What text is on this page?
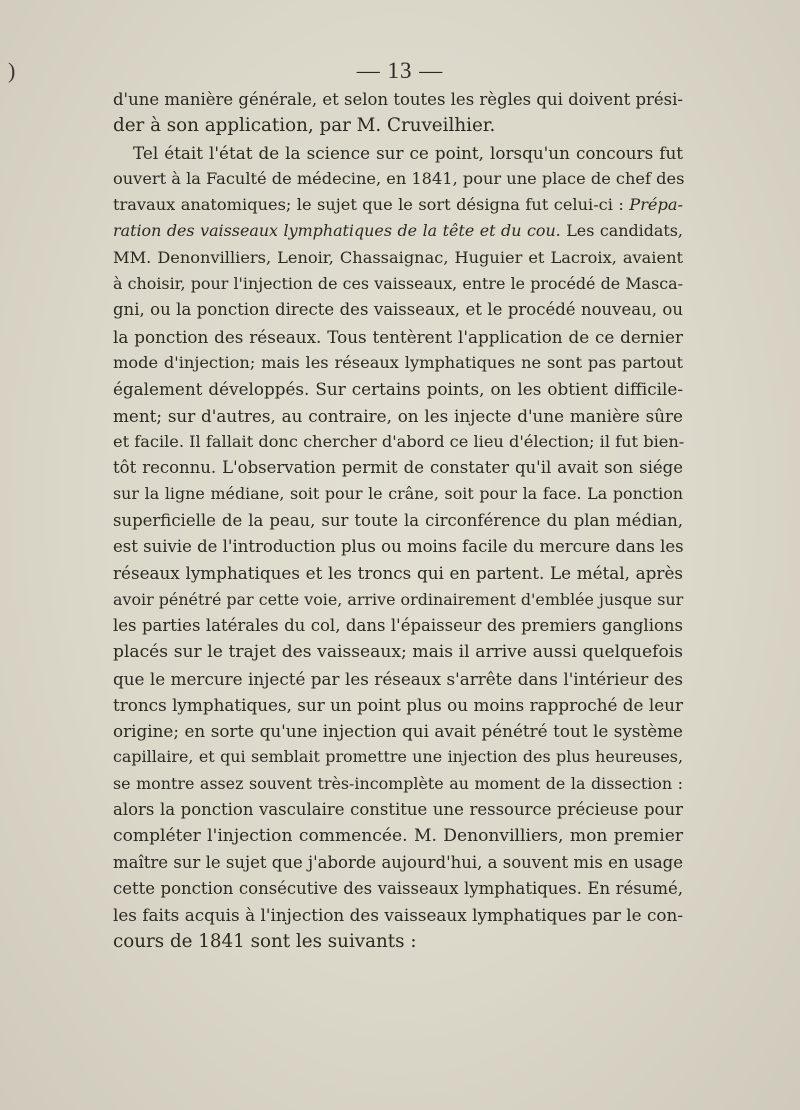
)	— 13 —
d'une manière générale, et selon toutes les règles qui doivent prési-
der à son application, par M. Cruveilhier.
Tel était l'état de la science sur ce point, lorsqu'un concours fut
ouvert à la Faculté de médecine, en 1841, pour une place de chef des
travaux anatomiques; le sujet que le sort désigna fut celui-ci : Prépa-
ration des vaisseaux lymphatiques de la tête et du cou. Les candidats,
MM. Denonvilliers, Lenoir, Chassaignac, Huguier et Lacroix, avaient
à choisir, pour l'injection de ces vaisseaux, entre le procédé de Masca-
gni, ou la ponction directe des vaisseaux, et le procédé nouveau, ou
la ponction des réseaux. Tous tentèrent l'application de ce dernier
mode d'injection; mais les réseaux lymphatiques ne sont pas partout
également développés. Sur certains points, on les obtient difficile-
ment; sur d'autres, au contraire, on les injecte d'une manière sûre
et facile. Il fallait donc chercher d'abord ce lieu d'élection; il fut bien-
tôt reconnu. L'observation permit de constater qu'il avait son siége
sur la ligne médiane, soit pour le crâne, soit pour la face. La ponction
superficielle de la peau, sur toute la circonférence du plan médian,
est suivie de l'introduction plus ou moins facile du mercure dans les
réseaux lymphatiques et les troncs qui en partent. Le métal, après
avoir pénétré par cette voie, arrive ordinairement d'emblée jusque sur
les parties latérales du col, dans l'épaisseur des premiers ganglions
placés sur le trajet des vaisseaux; mais il arrive aussi quelquefois
que le mercure injecté par les réseaux s'arrête dans l'intérieur des
troncs lymphatiques, sur un point plus ou moins rapproché de leur
origine; en sorte qu'une injection qui avait pénétré tout le système
capillaire, et qui semblait promettre une injection des plus heureuses,
se montre assez souvent très-incomplète au moment de la dissection :
alors la ponction vasculaire constitue une ressource précieuse pour
compléter l'injection commencée. M. Denonvilliers, mon premier
maître sur le sujet que j'aborde aujourd'hui, a souvent mis en usage
cette ponction consécutive des vaisseaux lymphatiques. En résumé,
les faits acquis à l'injection des vaisseaux lymphatiques par le con-
cours de 1841 sont les suivants :
